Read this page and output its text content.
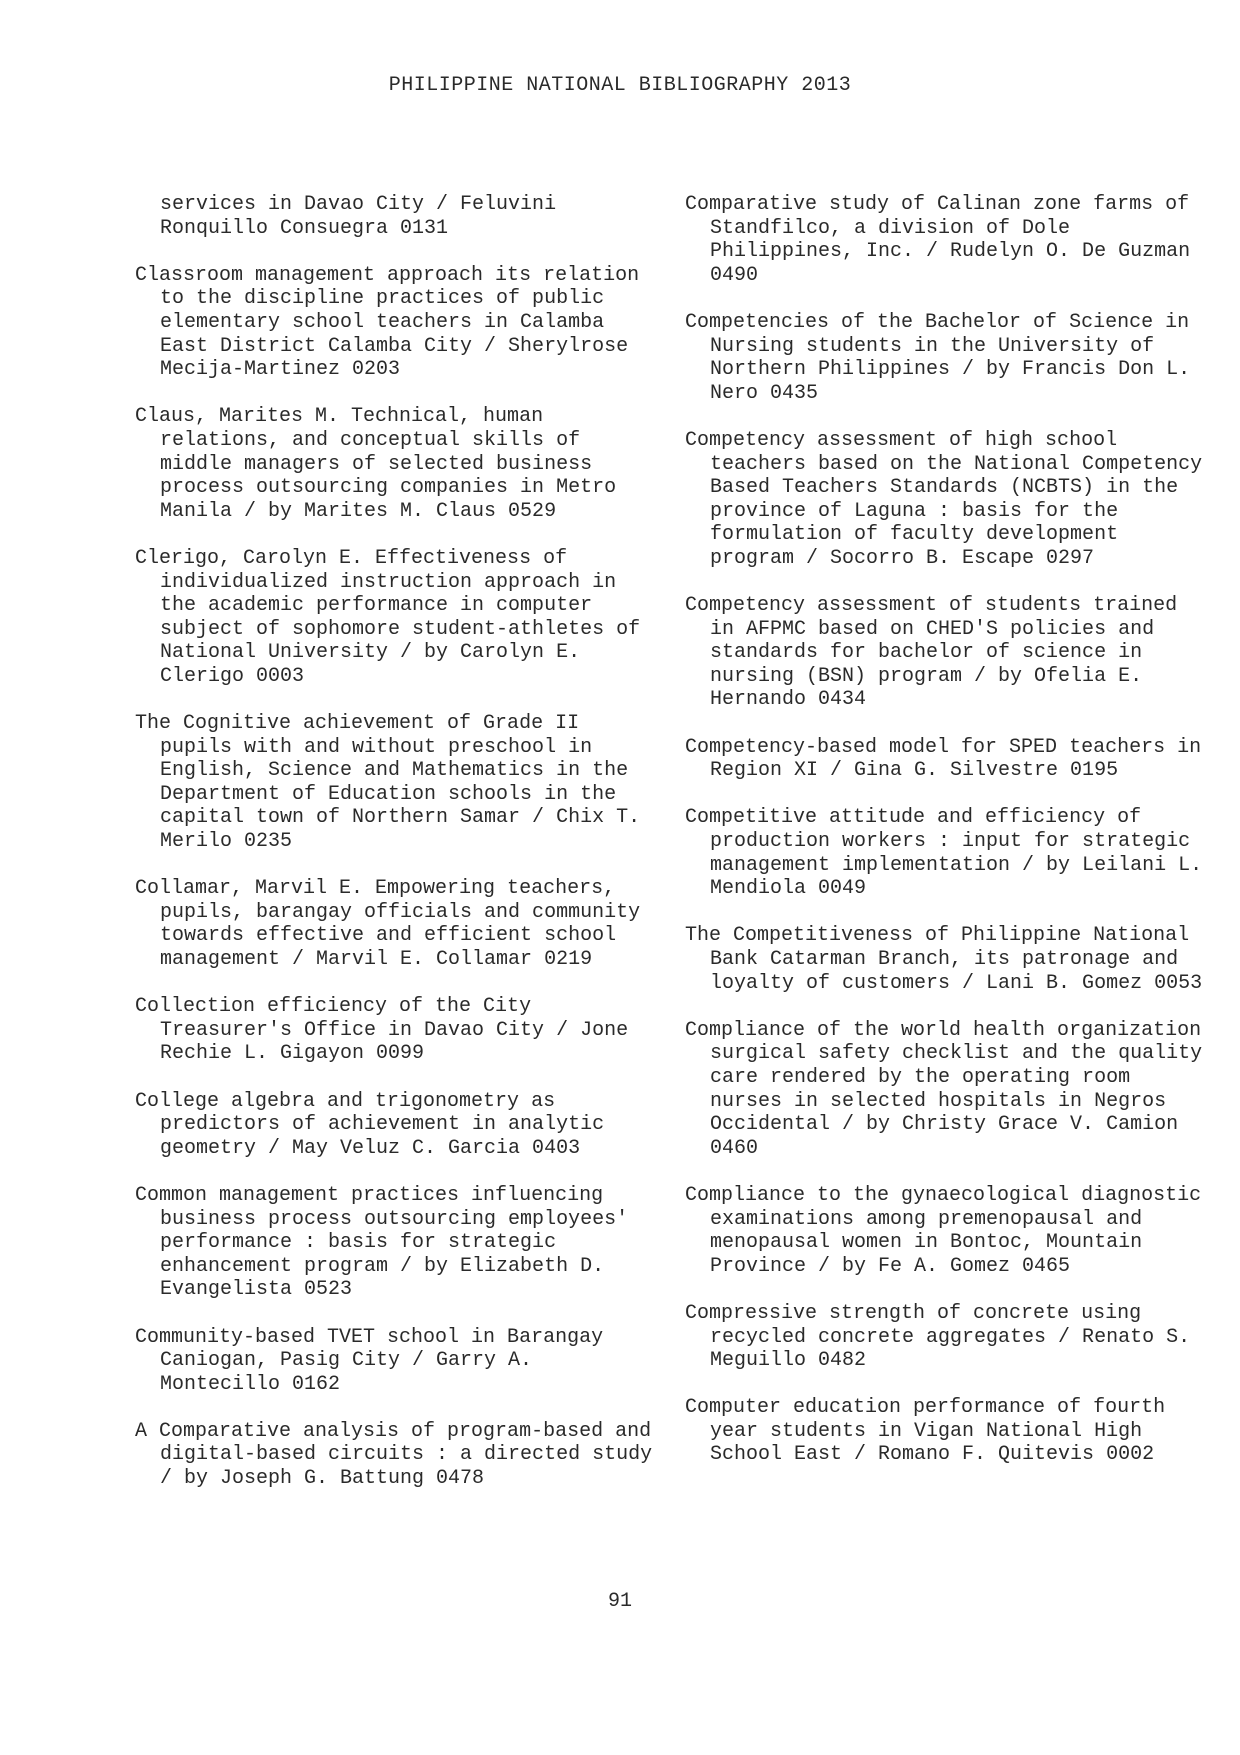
PHILIPPINE NATIONAL BIBLIOGRAPHY 2013

services in Davao City / Feluvini Ronquillo Consuegra 0131

Classroom management approach its relation to the discipline practices of public elementary school teachers in Calamba East District Calamba City / Sherylrose Mecija-Martinez 0203

Claus, Marites M. Technical, human relations, and conceptual skills of middle managers of selected business process outsourcing companies in Metro Manila / by Marites M. Claus 0529

Clerigo, Carolyn E. Effectiveness of individualized instruction approach in the academic performance in computer subject of sophomore student-athletes of National University / by Carolyn E. Clerigo 0003

The Cognitive achievement of Grade II pupils with and without preschool in English, Science and Mathematics in the Department of Education schools in the capital town of Northern Samar / Chix T. Merilo 0235

Collamar, Marvil E. Empowering teachers, pupils, barangay officials and community towards effective and efficient school management / Marvil E. Collamar 0219

Collection efficiency of the City Treasurer's Office in Davao City / Jone Rechie L. Gigayon 0099

College algebra and trigonometry as predictors of achievement in analytic geometry / May Veluz C. Garcia 0403

Common management practices influencing business process outsourcing employees' performance : basis for strategic enhancement program / by Elizabeth D. Evangelista 0523

Community-based TVET school in Barangay Caniogan, Pasig City / Garry A. Montecillo 0162

A Comparative analysis of program-based and digital-based circuits : a directed study / by Joseph G. Battung 0478

Comparative study of Calinan zone farms of Standfilco, a division of Dole Philippines, Inc. / Rudelyn O. De Guzman 0490

Competencies of the Bachelor of Science in Nursing students in the University of Northern Philippines / by Francis Don L. Nero 0435

Competency assessment of high school teachers based on the National Competency Based Teachers Standards (NCBTS) in the province of Laguna : basis for the formulation of faculty development program / Socorro B. Escape 0297

Competency assessment of students trained in AFPMC based on CHED'S policies and standards for bachelor of science in nursing (BSN) program / by Ofelia E. Hernando 0434

Competency-based model for SPED teachers in Region XI / Gina G. Silvestre 0195

Competitive attitude and efficiency of production workers : input for strategic management implementation / by Leilani L. Mendiola 0049

The Competitiveness of Philippine National Bank Catarman Branch, its patronage and loyalty of customers / Lani B. Gomez 0053

Compliance of the world health organization surgical safety checklist and the quality care rendered by the operating room nurses in selected hospitals in Negros Occidental / by Christy Grace V. Camion 0460

Compliance to the gynaecological diagnostic examinations among premenopausal and menopausal women in Bontoc, Mountain Province / by Fe A. Gomez 0465

Compressive strength of concrete using recycled concrete aggregates / Renato S. Meguillo 0482

Computer education performance of fourth year students in Vigan National High School East / Romano F. Quitevis 0002

91
